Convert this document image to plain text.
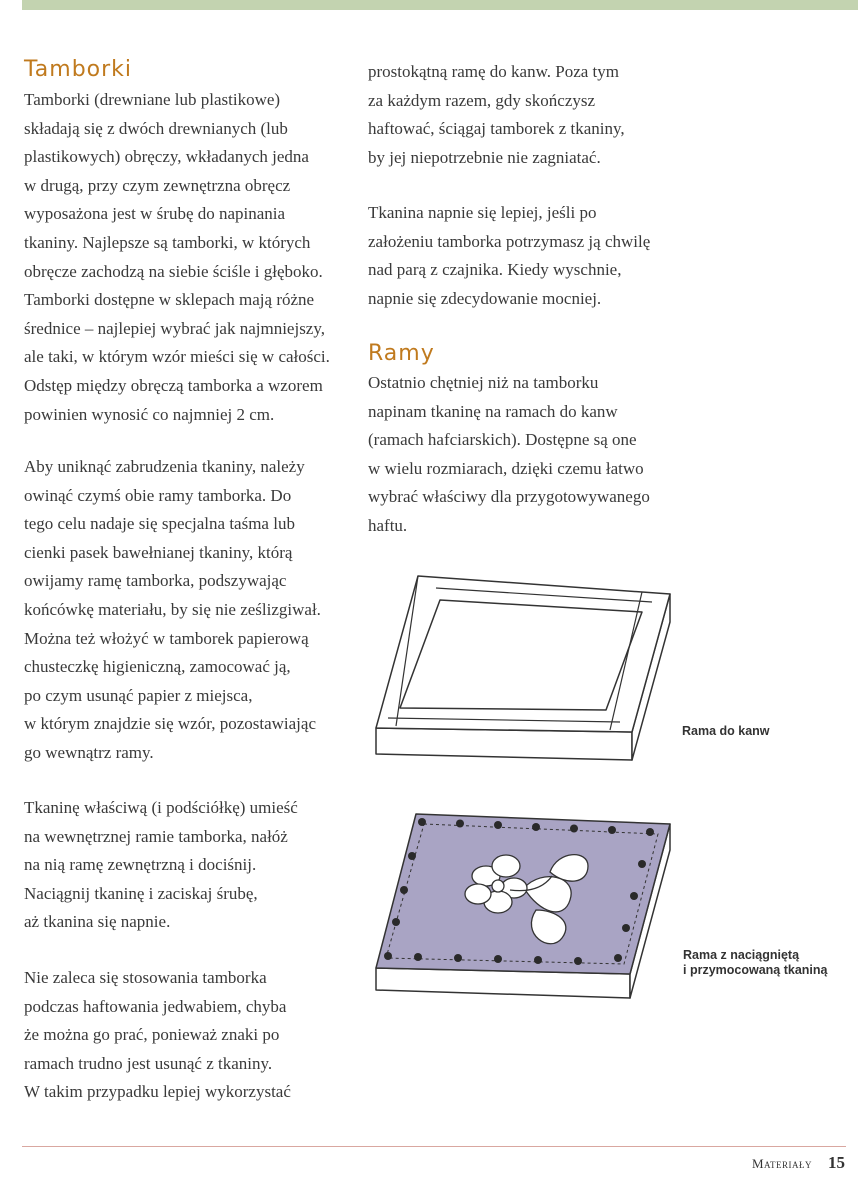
Tamborki

Tamborki (drewniane lub plastikowe)
składają się z dwóch drewnianych (lub
plastikowych) obręczy, wkładanych jedna
w drugą, przy czym zewnętrzna obręcz
wyposażona jest w śrubę do napinania
tkaniny. Najlepsze są tamborki, w których
obręcze zachodzą na siebie ściśle i głęboko.
Tamborki dostępne w sklepach mają różne
średnice – najlepiej wybrać jak najmniejszy,
ale taki, w którym wzór mieści się w całości.
Odstęp między obręczą tamborka a wzorem
powinien wynosić co najmniej 2 cm.

Aby uniknąć zabrudzenia tkaniny, należy
owinąć czymś obie ramy tamborka. Do
tego celu nadaje się specjalna taśma lub
cienki pasek bawełnianej tkaniny, którą
owijamy ramę tamborka, podszywając
końcówkę materiału, by się nie ześlizgiwał.
Można też włożyć w tamborek papierową
chusteczkę higieniczną, zamocować ją,
po czym usunąć papier z miejsca,
w którym znajdzie się wzór, pozostawiając
go wewnątrz ramy.

Tkaninę właściwą (i podściółkę) umieść
na wewnętrznej ramie tamborka, nałóż
na nią ramę zewnętrzną i dociśnij.
Naciągnij tkaninę i zaciskaj śrubę,
aż tkanina się napnie.

Nie zaleca się stosowania tamborka
podczas haftowania jedwabiem, chyba
że można go prać, ponieważ znaki po
ramach trudno jest usunąć z tkaniny.
W takim przypadku lepiej wykorzystać

prostokątną ramę do kanw. Poza tym
za każdym razem, gdy skończysz
haftować, ściągaj tamborek z tkaniny,
by jej niepotrzebnie nie zagniatać.

Tkanina napnie się lepiej, jeśli po
założeniu tamborka potrzymasz ją chwilę
nad parą z czajnika. Kiedy wyschnie,
napnie się zdecydowanie mocniej.

Ramy

Ostatnio chętniej niż na tamborku
napinam tkaninę na ramach do kanw
(ramach hafciarskich). Dostępne są one
w wielu rozmiarach, dzięki czemu łatwo
wybrać właściwy dla przygotowywanego
haftu.

Rama do kanw

Rama z naciągniętą
i przymocowaną tkaniną

Materiały 15
